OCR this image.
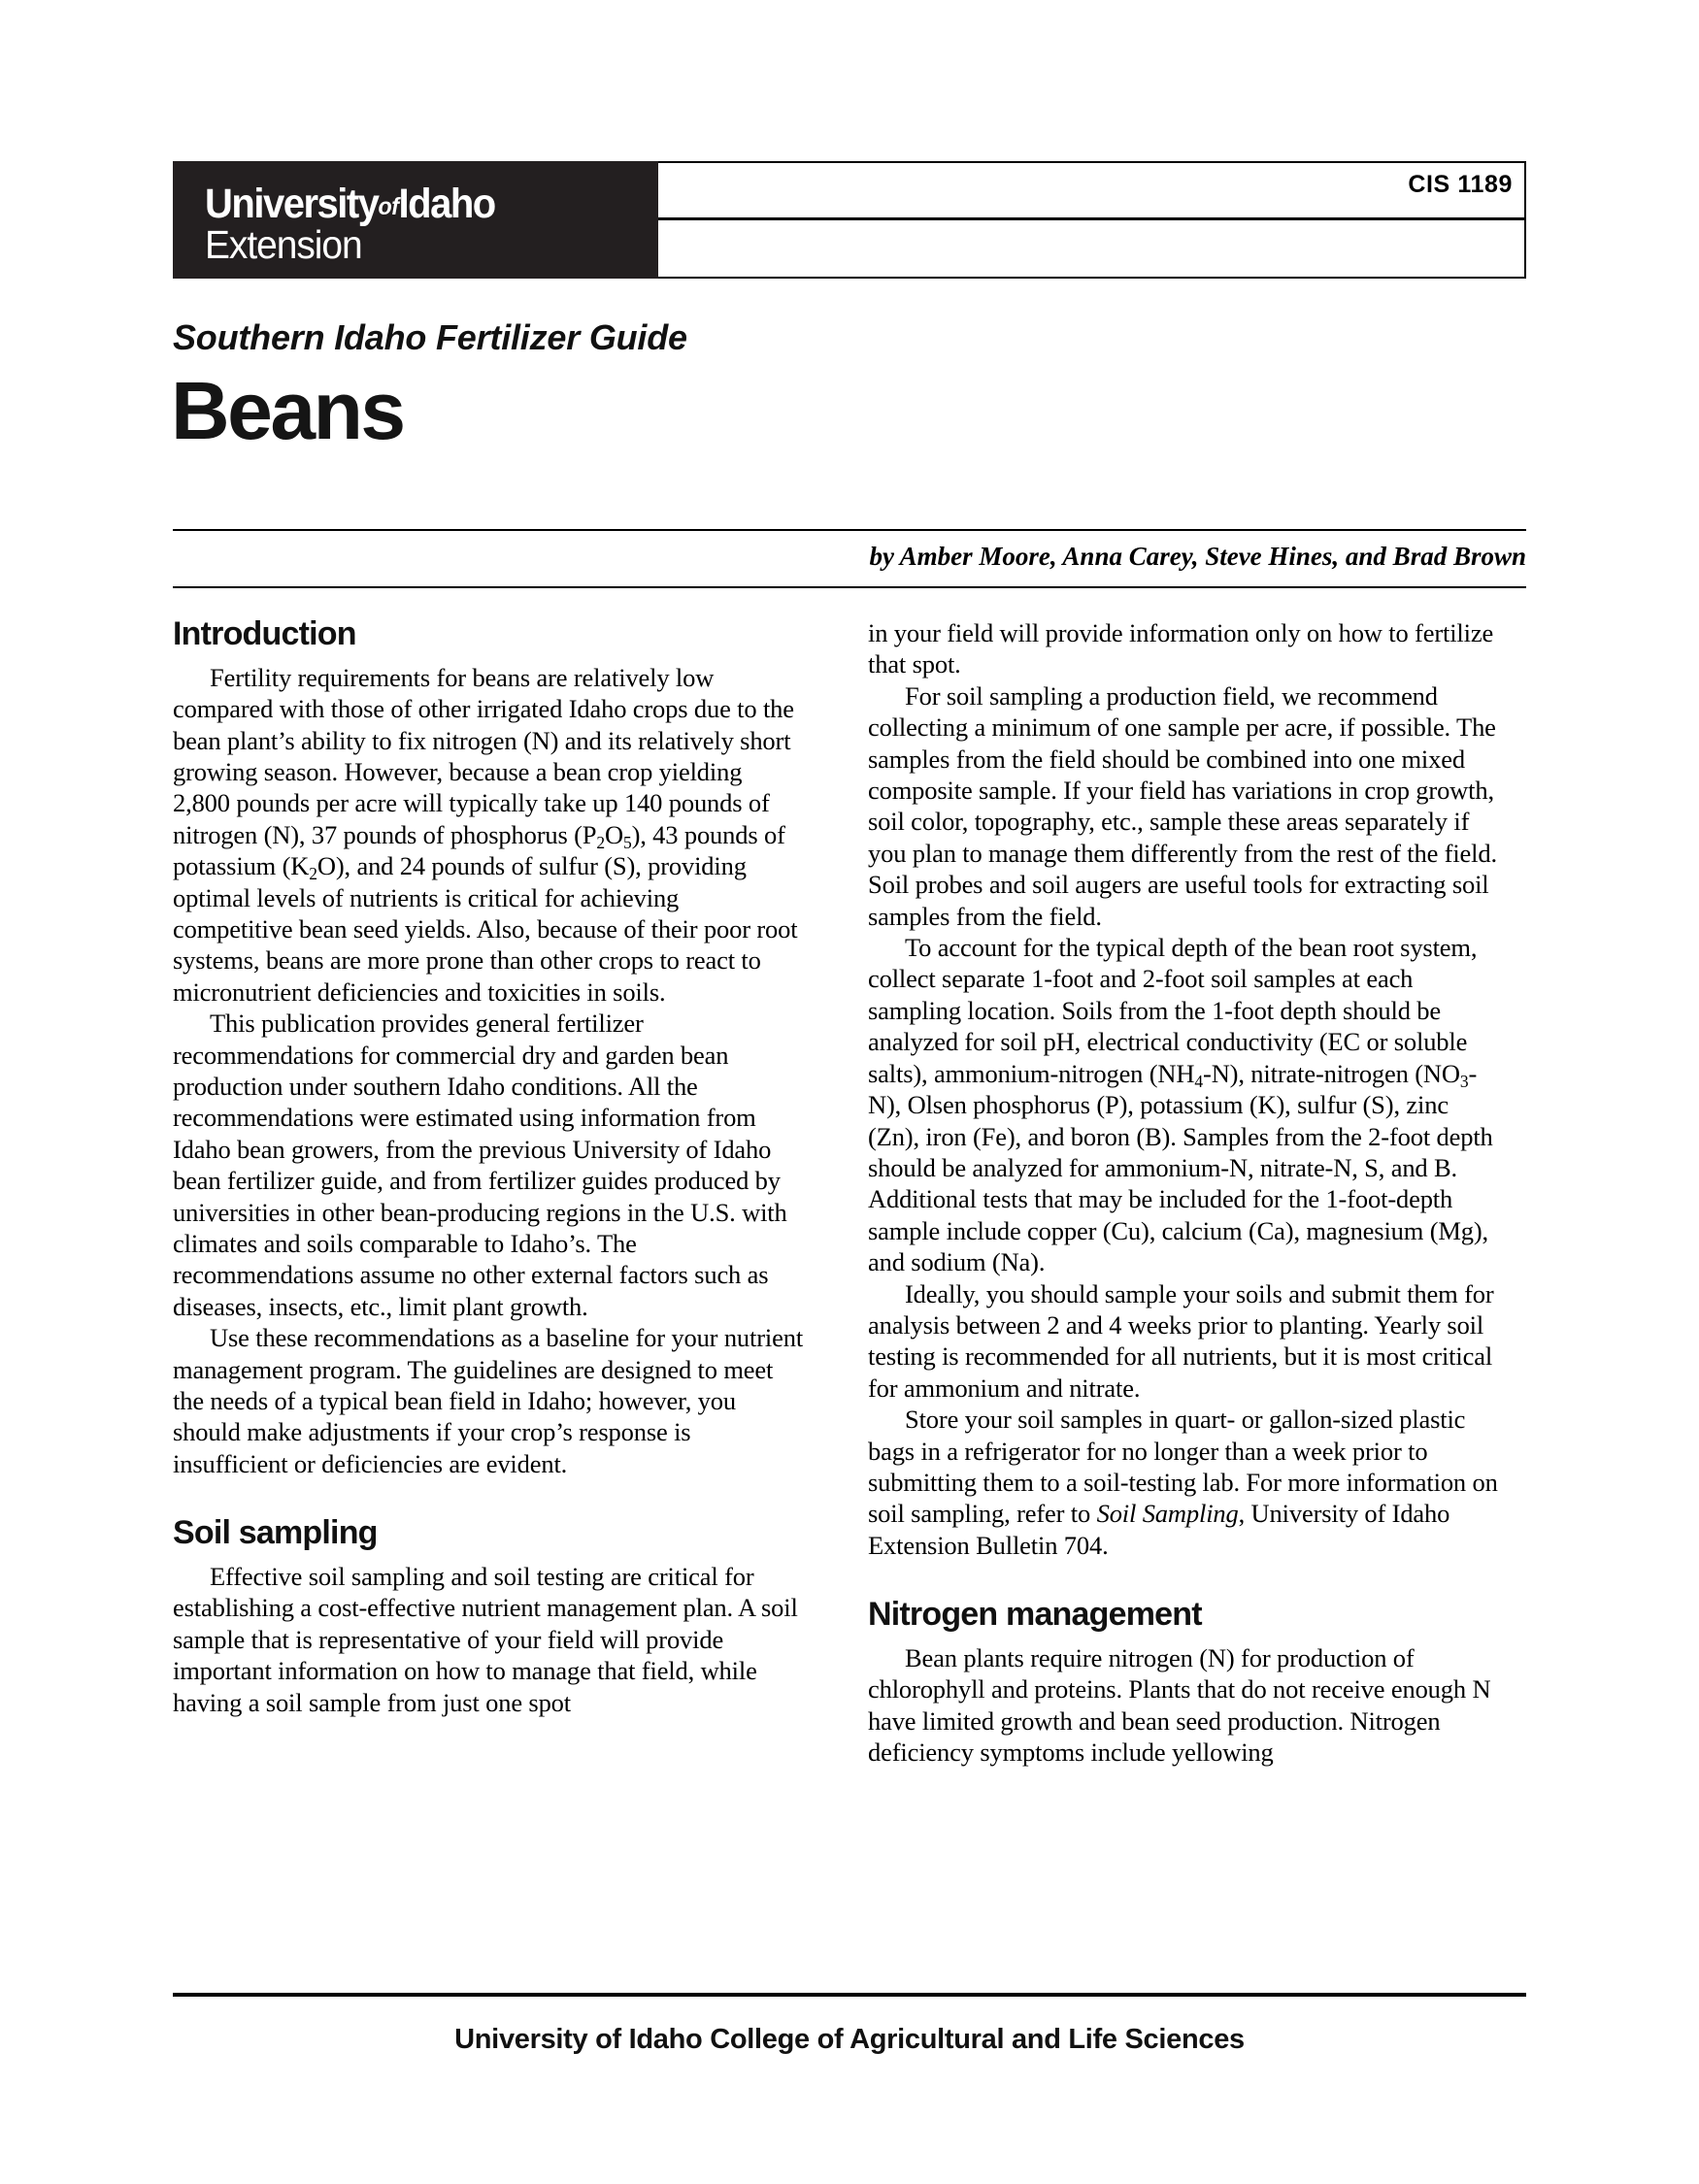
CIS 1189
UniversityofIdaho
Extension
Southern Idaho Fertilizer Guide
Beans
by Amber Moore, Anna Carey, Steve Hines, and Brad Brown
Introduction

Fertility requirements for beans are relatively low compared with those of other irrigated Idaho crops due to the bean plant’s ability to fix nitrogen (N) and its relatively short growing season. However, because a bean crop yielding 2,800 pounds per acre will typically take up 140 pounds of nitrogen (N), 37 pounds of phosphorus $(P_2O_5)$, 43 pounds of potassium $(K_2O)$, and 24 pounds of sulfur (S), providing optimal levels of nutrients is critical for achieving competitive bean seed yields. Also, because of their poor root systems, beans are more prone than other crops to react to micronutrient deficiencies and toxicities in soils.

This publication provides general fertilizer recommendations for commercial dry and garden bean production under southern Idaho conditions. All the recommendations were estimated using information from Idaho bean growers, from the previous University of Idaho bean fertilizer guide, and from fertilizer guides produced by universities in other bean-producing regions in the U.S. with climates and soils comparable to Idaho’s. The recommendations assume no other external factors such as diseases, insects, etc., limit plant growth.

Use these recommendations as a baseline for your nutrient management program. The guidelines are designed to meet the needs of a typical bean field in Idaho; however, you should make adjustments if your crop’s response is insufficient or deficiencies are evident.

Soil sampling

Effective soil sampling and soil testing are critical for establishing a cost-effective nutrient management plan. A soil sample that is representative of your field will provide important information on how to manage that field, while having a soil sample from just one spot

in your field will provide information only on how to fertilize that spot.

For soil sampling a production field, we recommend collecting a minimum of one sample per acre, if possible. The samples from the field should be combined into one mixed composite sample. If your field has variations in crop growth, soil color, topography, etc., sample these areas separately if you plan to manage them differently from the rest of the field. Soil probes and soil augers are useful tools for extracting soil samples from the field.

To account for the typical depth of the bean root system, collect separate 1-foot and 2-foot soil samples at each sampling location. Soils from the 1-foot depth should be analyzed for soil pH, electrical conductivity (EC or soluble salts), ammonium-nitrogen $(NH_4-N)$, nitrate-nitrogen $(NO_3-N)$, Olsen phosphorus (P), potassium (K), sulfur (S), zinc (Zn), iron (Fe), and boron (B). Samples from the 2-foot depth should be analyzed for ammonium-N, nitrate-N, S, and B. Additional tests that may be included for the 1-foot-depth sample include copper (Cu), calcium (Ca), magnesium (Mg), and sodium (Na).

Ideally, you should sample your soils and submit them for analysis between 2 and 4 weeks prior to planting. Yearly soil testing is recommended for all nutrients, but it is most critical for ammonium and nitrate.

Store your soil samples in quart- or gallon-sized plastic bags in a refrigerator for no longer than a week prior to submitting them to a soil-testing lab. For more information on soil sampling, refer to Soil Sampling, University of Idaho Extension Bulletin 704.

Nitrogen management

Bean plants require nitrogen (N) for production of chlorophyll and proteins. Plants that do not receive enough N have limited growth and bean seed production. Nitrogen deficiency symptoms include yellowing

University of Idaho College of Agricultural and Life Sciences
